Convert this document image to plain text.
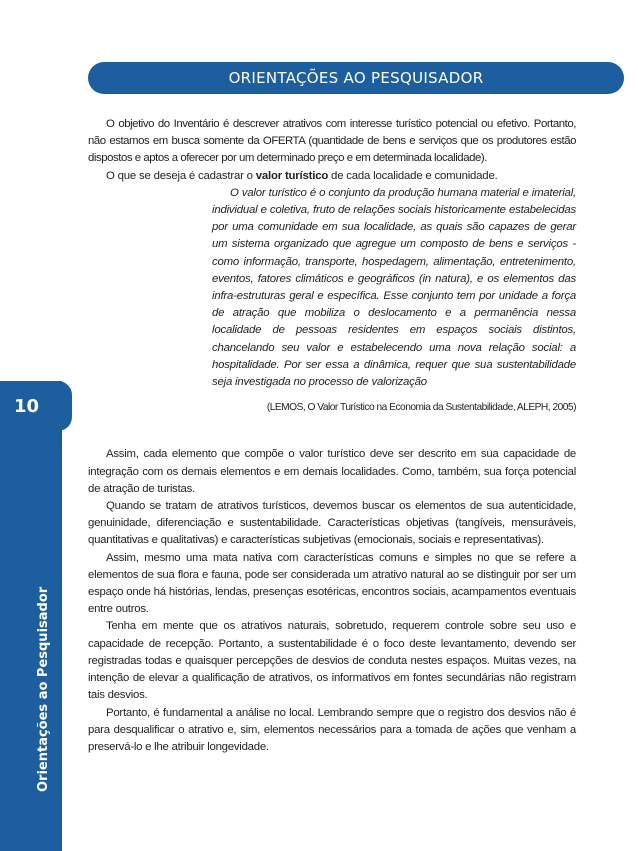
10
Orientações ao Pesquisador
ORIENTAÇÕES AO PESQUISADOR

O objetivo do Inventário é descrever atrativos com interesse turístico potencial ou efetivo. Portanto, não estamos em busca somente da OFERTA (quantidade de bens e serviços que os produtores estão dispostos e aptos a oferecer por um determinado preço e em determinada localidade).

O que se deseja é cadastrar o valor turístico de cada localidade e comunidade.

O valor turístico é o conjunto da produção humana material e imaterial, individual e coletiva, fruto de relações sociais historicamente estabelecidas por uma comunidade em sua localidade, as quais são capazes de gerar um sistema organizado que agregue um composto de bens e serviços - como informação, transporte, hospedagem, alimentação, entretenimento, eventos, fatores climáticos e geográficos (in natura), e os elementos das infra-estruturas geral e específica. Esse conjunto tem por unidade a força de atração que mobiliza o deslocamento e a permanência nessa localidade de pessoas residentes em espaços sociais distintos, chancelando seu valor e estabelecendo uma nova relação social: a hospitalidade. Por ser essa a dinâmica, requer que sua sustentabilidade seja investigada no processo de valorização
(LEMOS, O Valor Turístico na Economia da Sustentabilidade, ALEPH, 2005)

Assim, cada elemento que compõe o valor turístico deve ser descrito em sua capacidade de integração com os demais elementos e em demais localidades. Como, também, sua força potencial de atração de turistas.

Quando se tratam de atrativos turísticos, devemos buscar os elementos de sua autenticidade, genuinidade, diferenciação e sustentabilidade. Características objetivas (tangíveis, mensuráveis, quantitativas e qualitativas) e características subjetivas (emocionais, sociais e representativas).

Assim, mesmo uma mata nativa com características comuns e simples no que se refere a elementos de sua flora e fauna, pode ser considerada um atrativo natural ao se distinguir por ser um espaço onde há histórias, lendas, presenças esotéricas, encontros sociais, acampamentos eventuais entre outros.

Tenha em mente que os atrativos naturais, sobretudo, requerem controle sobre seu uso e capacidade de recepção. Portanto, a sustentabilidade é o foco deste levantamento, devendo ser registradas todas e quaisquer percepções de desvios de conduta nestes espaços. Muitas vezes, na intenção de elevar a qualificação de atrativos, os informativos em fontes secundárias não registram tais desvios.

Portanto, é fundamental a análise no local. Lembrando sempre que o registro dos desvios não é para desqualificar o atrativo e, sim, elementos necessários para a tomada de ações que venham a preservá-lo e lhe atribuir longevidade.
